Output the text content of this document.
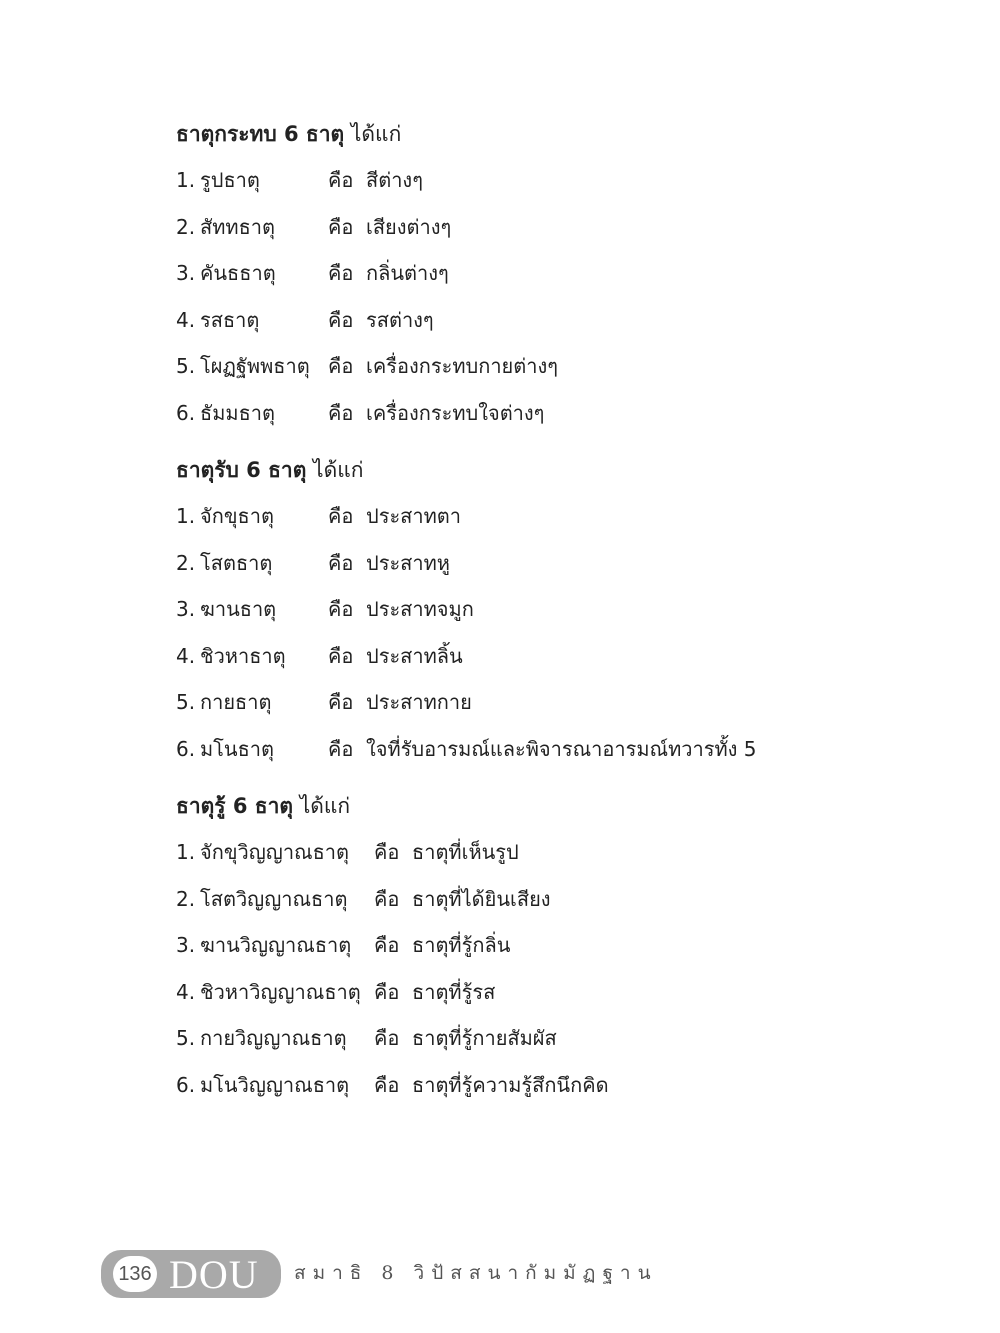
ธาตุกระทบ 6 ธาตุ ได้แก่
1. รูปธาตุ	คือ สีต่างๆ
2. สัททธาตุ	คือ เสียงต่างๆ
3. คันธธาตุ	คือ กลิ่นต่างๆ
4. รสธาตุ	คือ รสต่างๆ
5. โผฏฐัพพธาตุ คือ เครื่องกระทบกายต่างๆ
6. ธัมมธาตุ	คือ เครื่องกระทบใจต่างๆ
ธาตุรับ 6 ธาตุ ได้แก่
1. จักขุธาตุ	คือ ประสาทตา
2. โสตธาตุ	คือ ประสาทหู
3. ฆานธาตุ	คือ ประสาทจมูก
4. ชิวหาธาตุ	คือ ประสาทลิ้น
5. กายธาตุ	คือ ประสาทกาย
6. มโนธาตุ	คือ ใจที่รับอารมณ์และพิจารณาอารมณ์ทวารทั้ง 5
ธาตุรู้ 6 ธาตุ ได้แก่
1. จักขุวิญญาณธาตุ	คือ ธาตุที่เห็นรูป
2. โสตวิญญาณธาตุ	คือ ธาตุที่ได้ยินเสียง
3. ฆานวิญญาณธาตุ	คือ ธาตุที่รู้กลิ่น
4. ชิวหาวิญญาณธาตุ คือ ธาตุที่รู้รส
5. กายวิญญาณธาตุ	คือ ธาตุที่รู้กายสัมผัส
6. มโนวิญญาณธาตุ	คือ ธาตุที่รู้ความรู้สึกนึกคิด
136 DOU สมาธิ 8 วิปัสสนากัมมัฏฐาน
